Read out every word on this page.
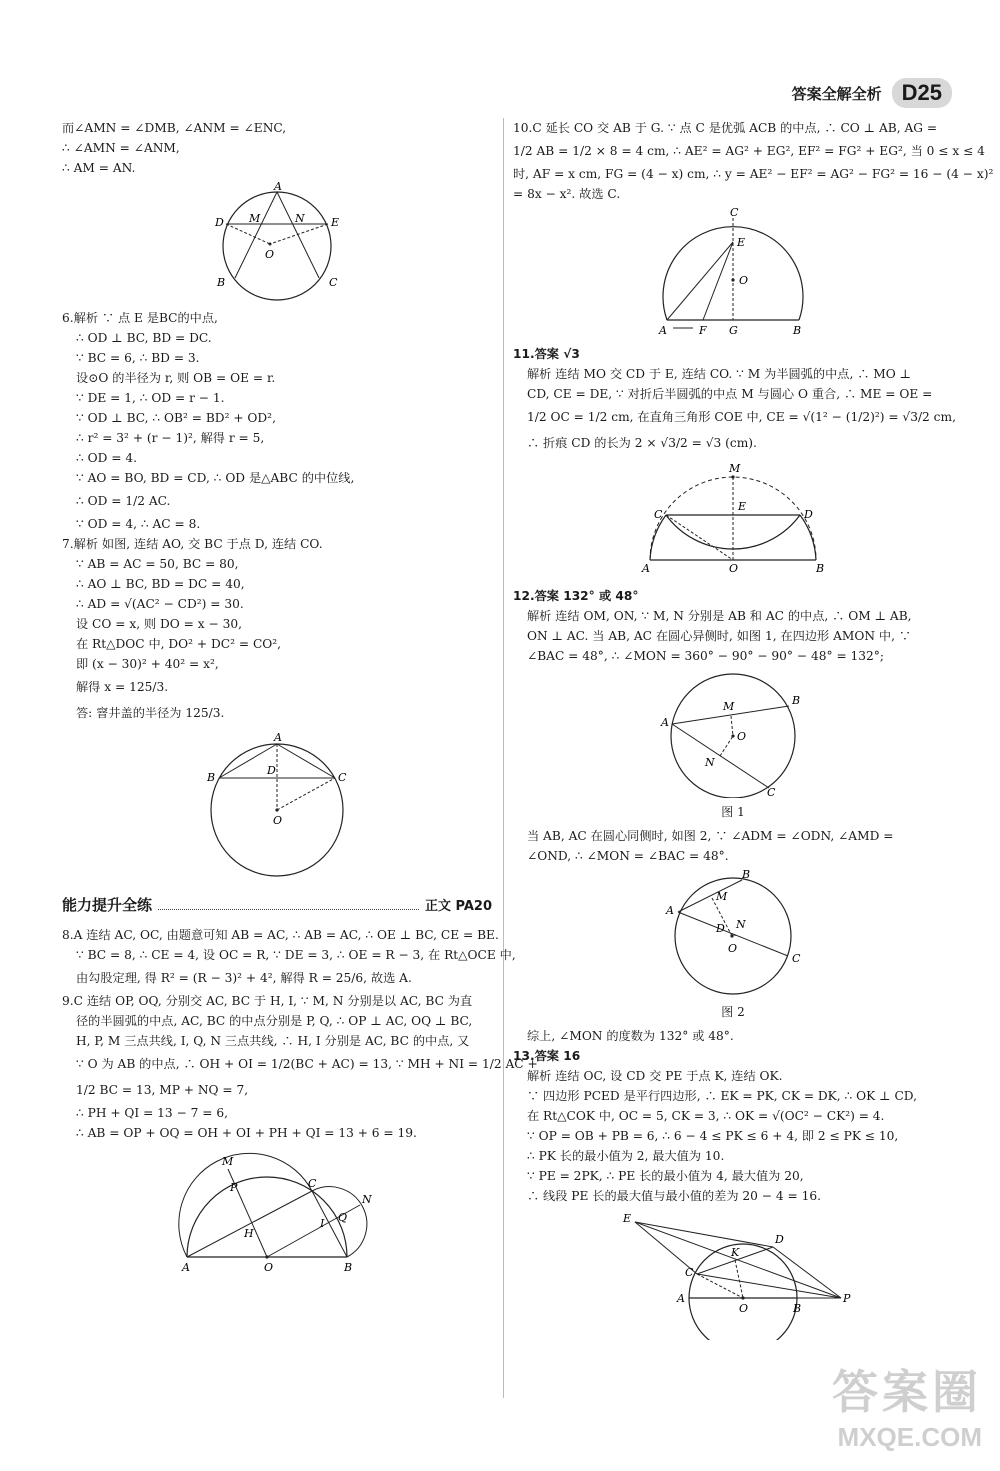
答案全解全析 D25
而∠AMN = ∠DMB, ∠ANM = ∠ENC,
∴ ∠AMN = ∠ANM,
∴ AM = AN.
A
D	E
M	N
O
B	C
6.解析 ∵ 点 E 是BC的中点,
∴ OD ⊥ BC, BD = DC.
∵ BC = 6, ∴ BD = 3.
设⊙O 的半径为 r, 则 OB = OE = r.
∵ DE = 1, ∴ OD = r − 1.
∵ OD ⊥ BC, ∴ OB² = BD² + OD²,
∴ r² = 3² + (r − 1)², 解得 r = 5,
∴ OD = 4.
∵ AO = BO, BD = CD, ∴ OD 是△ABC 的中位线,
∴ OD = 1/2 AC.
∵ OD = 4, ∴ AC = 8.
7.解析 如图, 连结 AO, 交 BC 于点 D, 连结 CO.
∵ AB = AC = 50, BC = 80,
∴ AO ⊥ BC, BD = DC = 40,
∴ AD = √(AC² − CD²) = 30.
设 CO = x, 则 DO = x − 30,
在 Rt△DOC 中, DO² + DC² = CO²,
即 (x − 30)² + 40² = x²,
解得 x = 125/3.
答: 窨井盖的半径为 125/3.
A
B	C
D
O
能力提升全练	正文 PA20
8.A 连结 AC, OC, 由题意可知 AB = AC, ∴ AB = AC, ∴ OE ⊥ BC, CE = BE.
∵ BC = 8, ∴ CE = 4, 设 OC = R, ∵ DE = 3, ∴ OE = R − 3, 在 Rt△OCE 中,
由勾股定理, 得 R² = (R − 3)² + 4², 解得 R = 25/6, 故选 A.
9.C 连结 OP, OQ, 分别交 AC, BC 于 H, I, ∵ M, N 分别是以 AC, BC 为直
径的半圆弧的中点, AC, BC 的中点分别是 P, Q, ∴ OP ⊥ AC, OQ ⊥ BC,
H, P, M 三点共线, I, Q, N 三点共线, ∴ H, I 分别是 AC, BC 的中点, 又
∵ O 为 AB 的中点, ∴ OH + OI = 1/2(BC + AC) = 13, ∵ MH + NI = 1/2 AC +
1/2 BC = 13, MP + NQ = 7,
∴ PH + QI = 13 − 7 = 6,
∴ AB = OP + OQ = OH + OI + PH + QI = 13 + 6 = 19.
A	B
O
C
M
N
P
Q
H
I
10.C 延长 CO 交 AB 于 G. ∵ 点 C 是优弧 ACB 的中点, ∴ CO ⊥ AB, AG =
1/2 AB = 1/2 × 8 = 4 cm, ∴ AE² = AG² + EG², EF² = FG² + EG², 当 0 ≤ x ≤ 4
时, AF = x cm, FG = (4 − x) cm, ∴ y = AE² − EF² = AG² − FG² = 16 − (4 − x)²
= 8x − x². 故选 C.
C
E
O
A	F G	B
11.答案 √3
解析 连结 MO 交 CD 于 E, 连结 CO. ∵ M 为半圆弧的中点, ∴ MO ⊥
CD, CE = DE, ∵ 对折后半圆弧的中点 M 与圆心 O 重合, ∴ ME = OE =
1/2 OC = 1/2 cm, 在直角三角形 COE 中, CE = √(1² − (1/2)²) = √3/2 cm,
∴ 折痕 CD 的长为 2 × √3/2 = √3 (cm).
M
E
C	D
A	O	B
12.答案 132° 或 48°
解析 连结 OM, ON, ∵ M, N 分别是 AB 和 AC 的中点, ∴ OM ⊥ AB,
ON ⊥ AC. 当 AB, AC 在圆心异侧时, 如图 1, 在四边形 AMON 中, ∵
∠BAC = 48°, ∴ ∠MON = 360° − 90° − 90° − 48° = 132°;
A
B
C
M
O
N
图 1
当 AB, AC 在圆心同侧时, 如图 2, ∵ ∠ADM = ∠ODN, ∠AMD =
∠OND, ∴ ∠MON = ∠BAC = 48°.
A
B
C
M
N
D
O
图 2
综上, ∠MON 的度数为 132° 或 48°.
13.答案 16
解析 连结 OC, 设 CD 交 PE 于点 K, 连结 OK.
∵ 四边形 PCED 是平行四边形, ∴ EK = PK, CK = DK, ∴ OK ⊥ CD,
在 Rt△COK 中, OC = 5, CK = 3, ∴ OK = √(OC² − CK²) = 4.
∵ OP = OB + PB = 6, ∴ 6 − 4 ≤ PK ≤ 6 + 4, 即 2 ≤ PK ≤ 10,
∴ PK 长的最小值为 2, 最大值为 10.
∵ PE = 2PK, ∴ PE 长的最小值为 4, 最大值为 20,
∴ 线段 PE 长的最大值与最小值的差为 20 − 4 = 16.
E
D
K
C
A
O	B
P
答案圈
MXQE.COM
